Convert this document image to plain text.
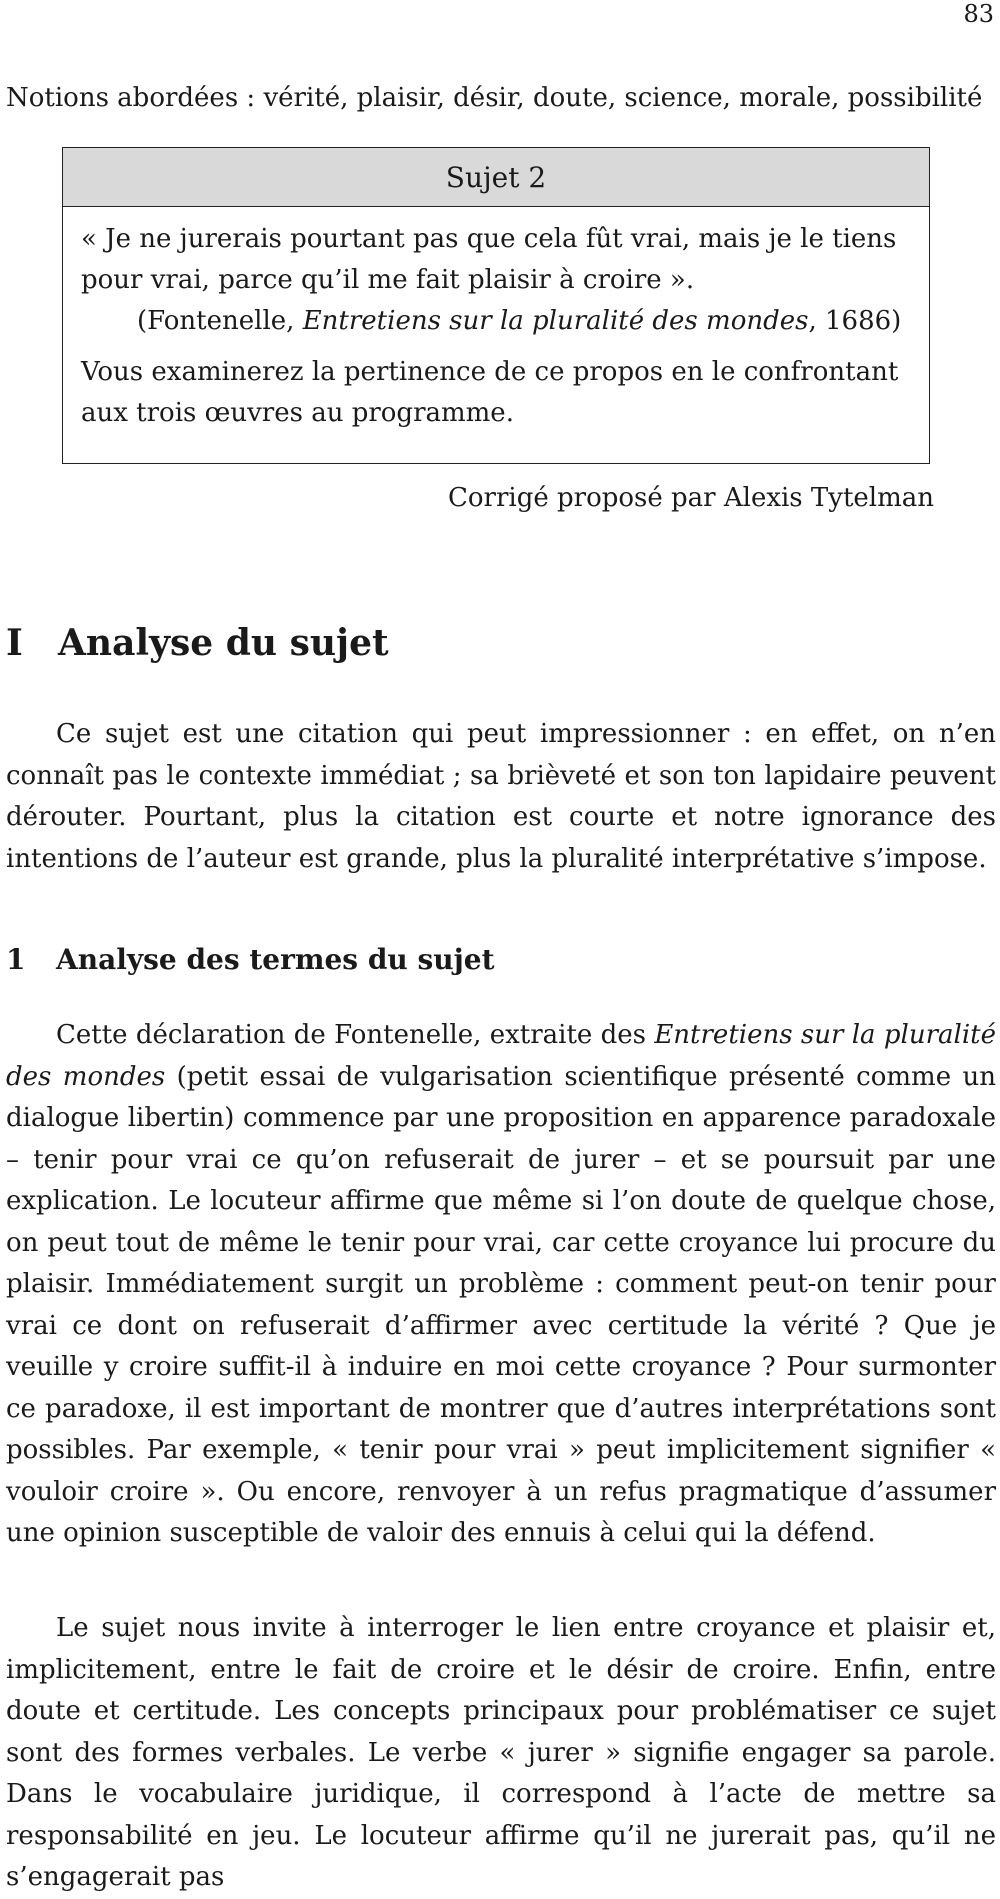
83
Notions abordées : vérité, plaisir, désir, doute, science, morale, possibilité
Sujet 2

« Je ne jurerais pourtant pas que cela fût vrai, mais je le tiens pour vrai, parce qu’il me fait plaisir à croire ».

(Fontenelle, Entretiens sur la pluralité des mondes, 1686)

Vous examinerez la pertinence de ce propos en le confrontant aux trois œuvres au programme.

Corrigé proposé par Alexis Tytelman
I Analyse du sujet

Ce sujet est une citation qui peut impressionner : en effet, on n’en connaît pas le contexte immédiat ; sa brièveté et son ton lapidaire peuvent dérouter. Pourtant, plus la citation est courte et notre ignorance des intentions de l’auteur est grande, plus la pluralité interprétative s’impose.

1 Analyse des termes du sujet

Cette déclaration de Fontenelle, extraite des Entretiens sur la pluralité des mondes (petit essai de vulgarisation scientifique présenté comme un dialogue libertin) commence par une proposition en apparence paradoxale – tenir pour vrai ce qu’on refuserait de jurer – et se poursuit par une explication. Le locuteur affirme que même si l’on doute de quelque chose, on peut tout de même le tenir pour vrai, car cette croyance lui procure du plaisir. Immédiatement surgit un problème : comment peut-on tenir pour vrai ce dont on refuserait d’affirmer avec certitude la vérité ? Que je veuille y croire suffit-il à induire en moi cette croyance ? Pour surmonter ce paradoxe, il est important de montrer que d’autres interprétations sont possibles. Par exemple, « tenir pour vrai » peut implicitement signifier « vouloir croire ». Ou encore, renvoyer à un refus pragmatique d’assumer une opinion susceptible de valoir des ennuis à celui qui la défend.

Le sujet nous invite à interroger le lien entre croyance et plaisir et, implicitement, entre le fait de croire et le désir de croire. Enfin, entre doute et certitude. Les concepts principaux pour problématiser ce sujet sont des formes verbales. Le verbe « jurer » signifie engager sa parole. Dans le vocabulaire juridique, il correspond à l’acte de mettre sa responsabilité en jeu. Le locuteur affirme qu’il ne jurerait pas, qu’il ne s’engagerait pas
